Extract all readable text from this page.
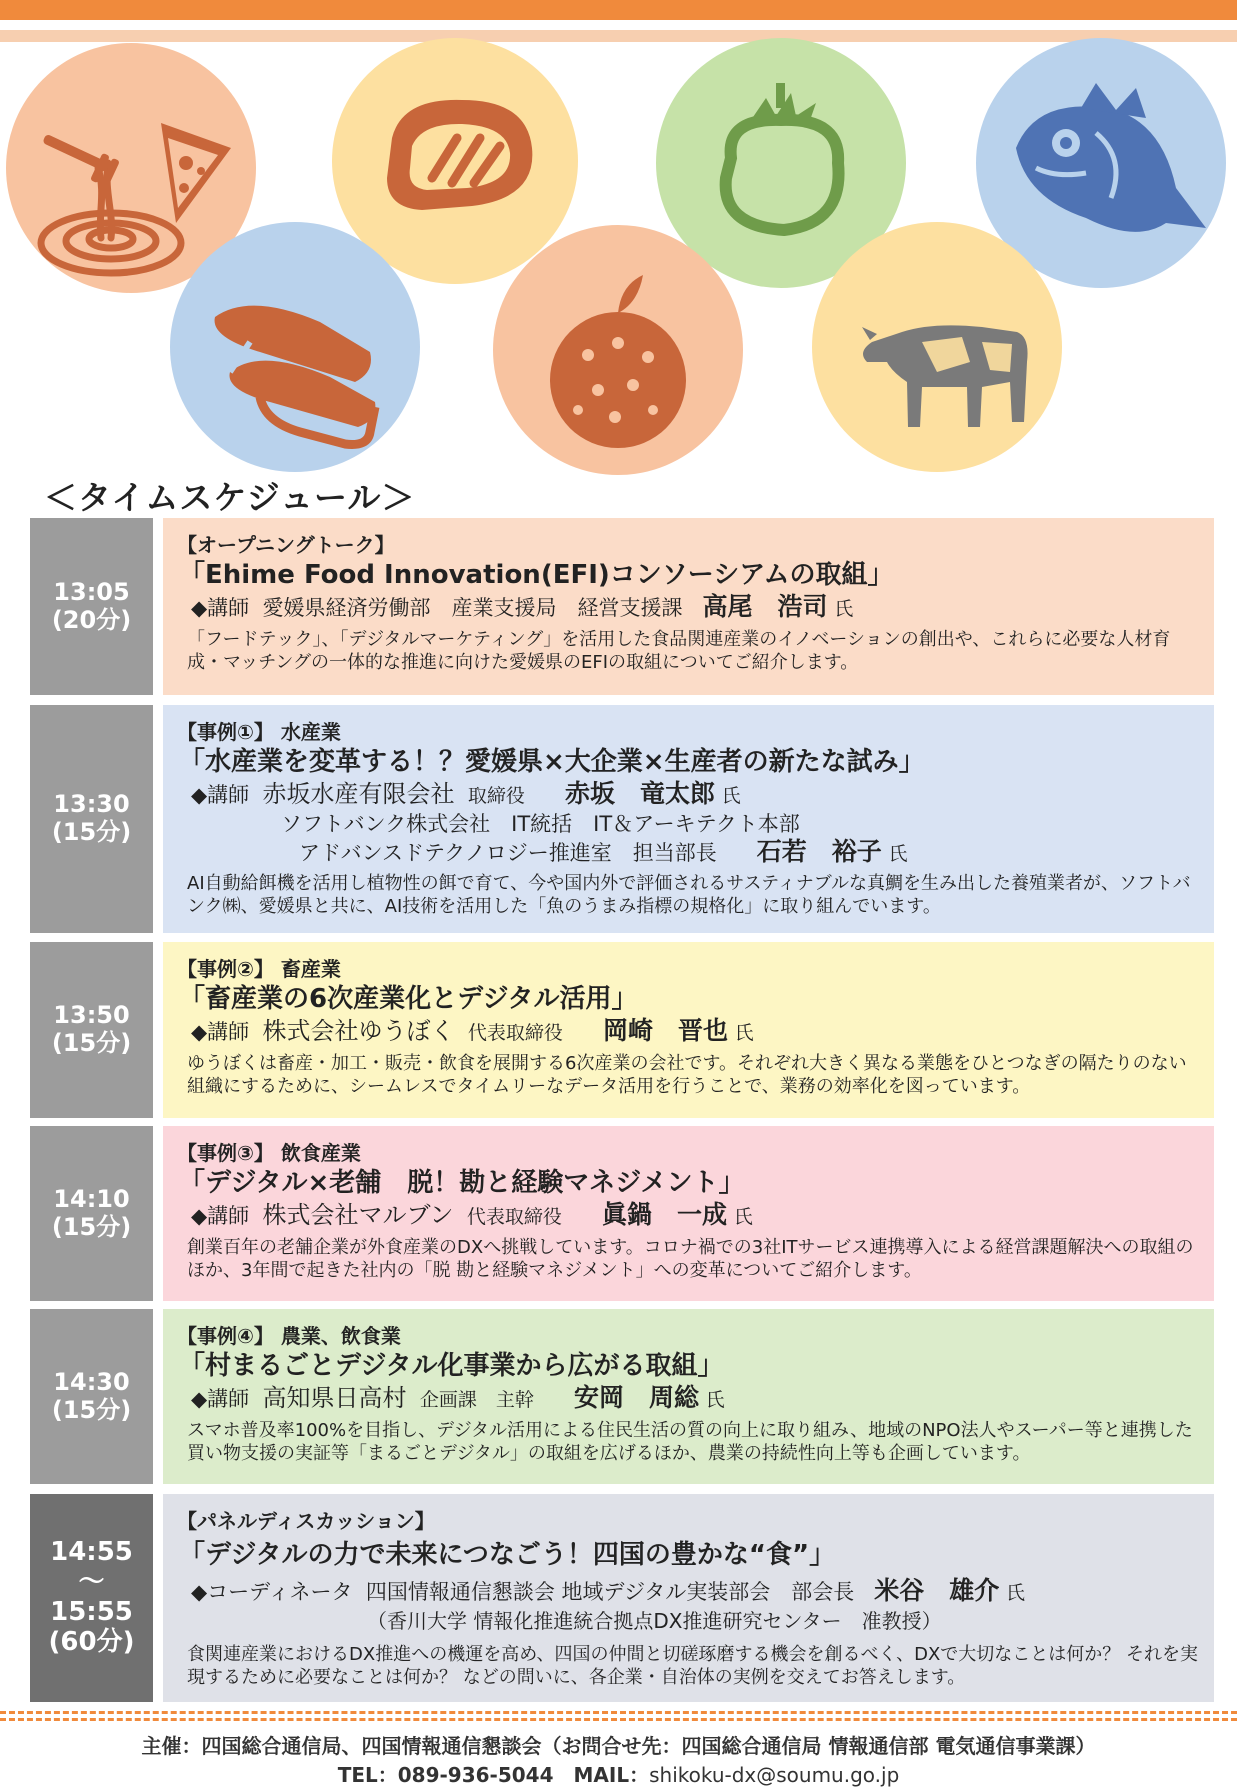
＜タイムスケジュール＞
13:05
(20分)
【オープニングトーク】
「Ehime Food Innovation(EFI)コンソーシアムの取組」
◆講師 愛媛県経済労働部　産業支援局　経営支援課 高尾　浩司 氏
「フードテック」、「デジタルマーケティング」を活用した食品関連産業のイノベーションの創出や、これらに必要な人材育成・マッチングの一体的な推進に向けた愛媛県のEFIの取組についてご紹介します。
13:30
(15分)
【事例①】 水産業
「水産業を変革する！？愛媛県×大企業×生産者の新たな試み」
◆講師 赤坂水産有限会社 取締役 赤坂　竜太郎 氏
ソフトバンク株式会社　IT統括　IT＆アーキテクト本部
アドバンスドテクノロジー推進室　担当部長 石若　裕子 氏
AI自動給餌機を活用し植物性の餌で育て、今や国内外で評価されるサスティナブルな真鯛を生み出した養殖業者が、ソフトバンク㈱、愛媛県と共に、AI技術を活用した「魚のうまみ指標の規格化」に取り組んでいます。
13:50
(15分)
【事例②】 畜産業
「畜産業の6次産業化とデジタル活用」
◆講師 株式会社ゆうぼく 代表取締役 岡崎　晋也 氏
ゆうぼくは畜産・加工・販売・飲食を展開する6次産業の会社です。それぞれ大きく異なる業態をひとつなぎの隔たりのない組織にするために、シームレスでタイムリーなデータ活用を行うことで、業務の効率化を図っています。
14:10
(15分)
【事例③】 飲食産業
「デジタル×老舗　脱！勘と経験マネジメント」
◆講師 株式会社マルブン 代表取締役 眞鍋　一成 氏
創業百年の老舗企業が外食産業のDXへ挑戦しています。コロナ禍での3社ITサービス連携導入による経営課題解決への取組のほか、3年間で起きた社内の「脱 勘と経験マネジメント」への変革についてご紹介します。
14:30
(15分)
【事例④】 農業、飲食業
「村まるごとデジタル化事業から広がる取組」
◆講師 高知県日高村 企画課　主幹 安岡　周総 氏
スマホ普及率100%を目指し、デジタル活用による住民生活の質の向上に取り組み、地域のNPO法人やスーパー等と連携した買い物支援の実証等「まるごとデジタル」の取組を広げるほか、農業の持続性向上等も企画しています。
14:55
～
15:55
(60分)
【パネルディスカッション】
「デジタルの力で未来につなごう！四国の豊かな“食”」
◆コーディネータ 四国情報通信懇談会 地域デジタル実装部会　部会長 米谷　雄介 氏
（香川大学 情報化推進統合拠点DX推進研究センター　准教授）
食関連産業におけるDX推進への機運を高め、四国の仲間と切磋琢磨する機会を創るべく、DXで大切なことは何か？ それを実現するために必要なことは何か？ などの問いに、各企業・自治体の実例を交えてお答えします。
主催：四国総合通信局、四国情報通信懇談会（お問合せ先：四国総合通信局 情報通信部 電気通信事業課）
TEL：089-936-5044　MAIL：shikoku-dx@soumu.go.jp
